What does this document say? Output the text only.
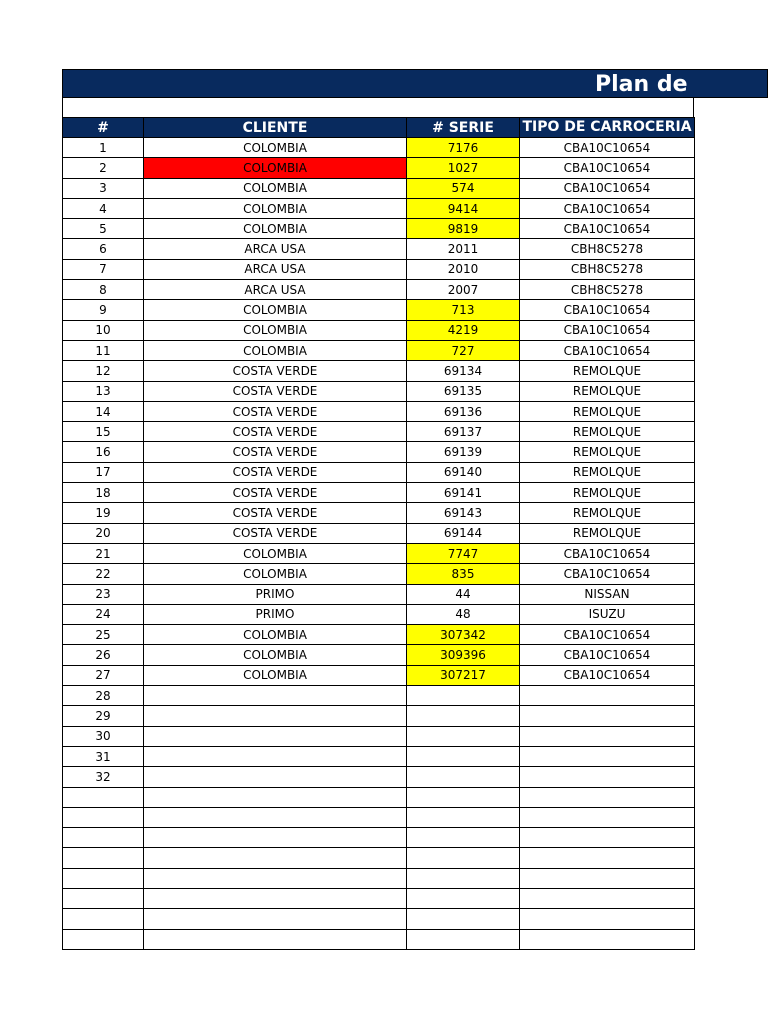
Plan de
#	CLIENTE	# SERIE	TIPO DE CARROCERIA
1	COLOMBIA	7176	CBA10C10654
2	COLOMBIA	1027	CBA10C10654
3	COLOMBIA	574	CBA10C10654
4	COLOMBIA	9414	CBA10C10654
5	COLOMBIA	9819	CBA10C10654
6	ARCA USA	2011	CBH8C5278
7	ARCA USA	2010	CBH8C5278
8	ARCA USA	2007	CBH8C5278
9	COLOMBIA	713	CBA10C10654
10	COLOMBIA	4219	CBA10C10654
11	COLOMBIA	727	CBA10C10654
12	COSTA VERDE	69134	REMOLQUE
13	COSTA VERDE	69135	REMOLQUE
14	COSTA VERDE	69136	REMOLQUE
15	COSTA VERDE	69137	REMOLQUE
16	COSTA VERDE	69139	REMOLQUE
17	COSTA VERDE	69140	REMOLQUE
18	COSTA VERDE	69141	REMOLQUE
19	COSTA VERDE	69143	REMOLQUE
20	COSTA VERDE	69144	REMOLQUE
21	COLOMBIA	7747	CBA10C10654
22	COLOMBIA	835	CBA10C10654
23	PRIMO	44	NISSAN
24	PRIMO	48	ISUZU
25	COLOMBIA	307342	CBA10C10654
26	COLOMBIA	309396	CBA10C10654
27	COLOMBIA	307217	CBA10C10654
28			
29			
30			
31			
32			
